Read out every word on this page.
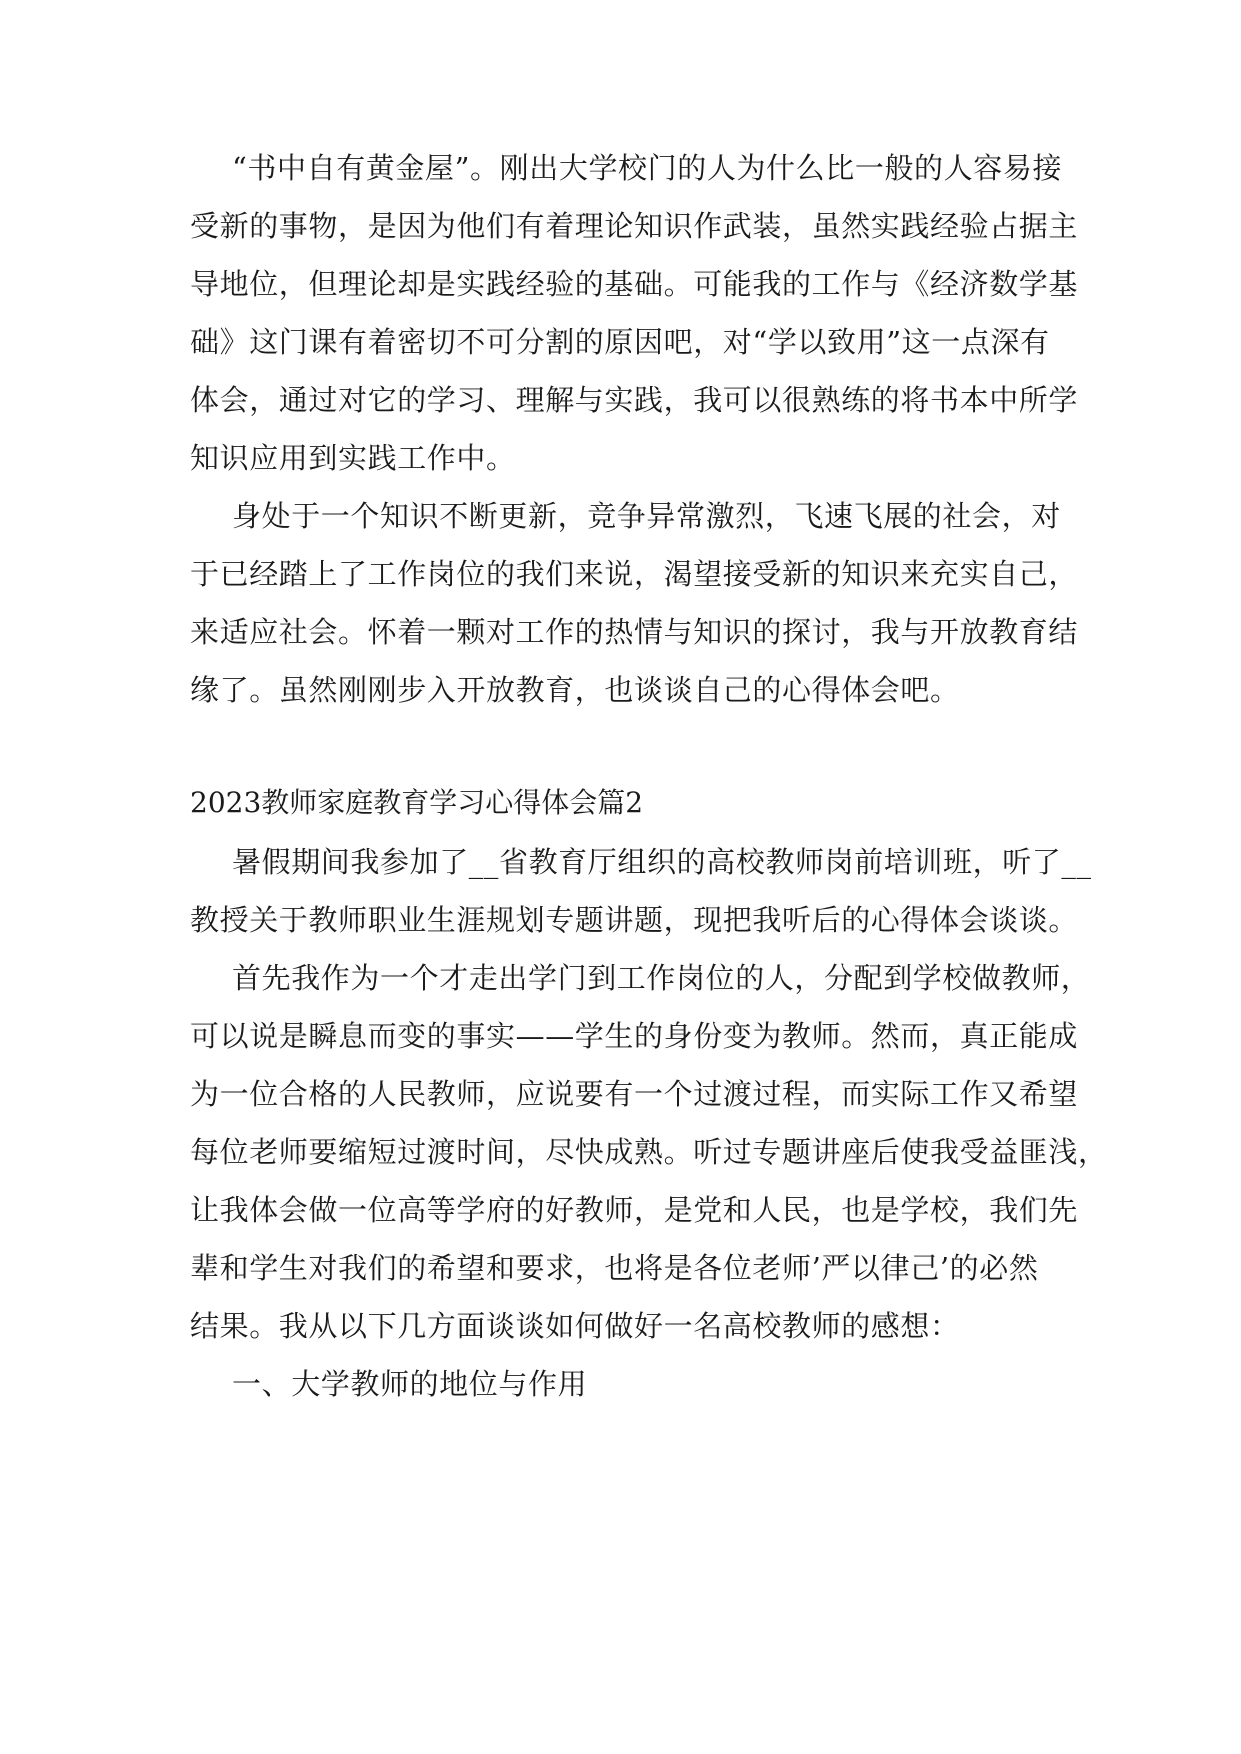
“书中自有黄金屋”。刚出大学校门的人为什么比一般的人容易接
受新的事物，是因为他们有着理论知识作武装，虽然实践经验占据主
导地位，但理论却是实践经验的基础。可能我的工作与《经济数学基
础》这门课有着密切不可分割的原因吧，对“学以致用”这一点深有
体会，通过对它的学习、理解与实践，我可以很熟练的将书本中所学
知识应用到实践工作中。
身处于一个知识不断更新，竞争异常激烈，飞速飞展的社会，对
于已经踏上了工作岗位的我们来说，渴望接受新的知识来充实自己，
来适应社会。怀着一颗对工作的热情与知识的探讨，我与开放教育结
缘了。虽然刚刚步入开放教育，也谈谈自己的心得体会吧。
2023教师家庭教育学习心得体会篇2
暑假期间我参加了__省教育厅组织的高校教师岗前培训班，听了__
教授关于教师职业生涯规划专题讲题，现把我听后的心得体会谈谈。
首先我作为一个才走出学门到工作岗位的人，分配到学校做教师，
可以说是瞬息而变的事实——学生的身份变为教师。然而，真正能成
为一位合格的人民教师，应说要有一个过渡过程，而实际工作又希望
每位老师要缩短过渡时间，尽快成熟。听过专题讲座后使我受益匪浅，
让我体会做一位高等学府的好教师，是党和人民，也是学校，我们先
辈和学生对我们的希望和要求，也将是各位老师’严以律己’的必然
结果。我从以下几方面谈谈如何做好一名高校教师的感想：
一、大学教师的地位与作用
